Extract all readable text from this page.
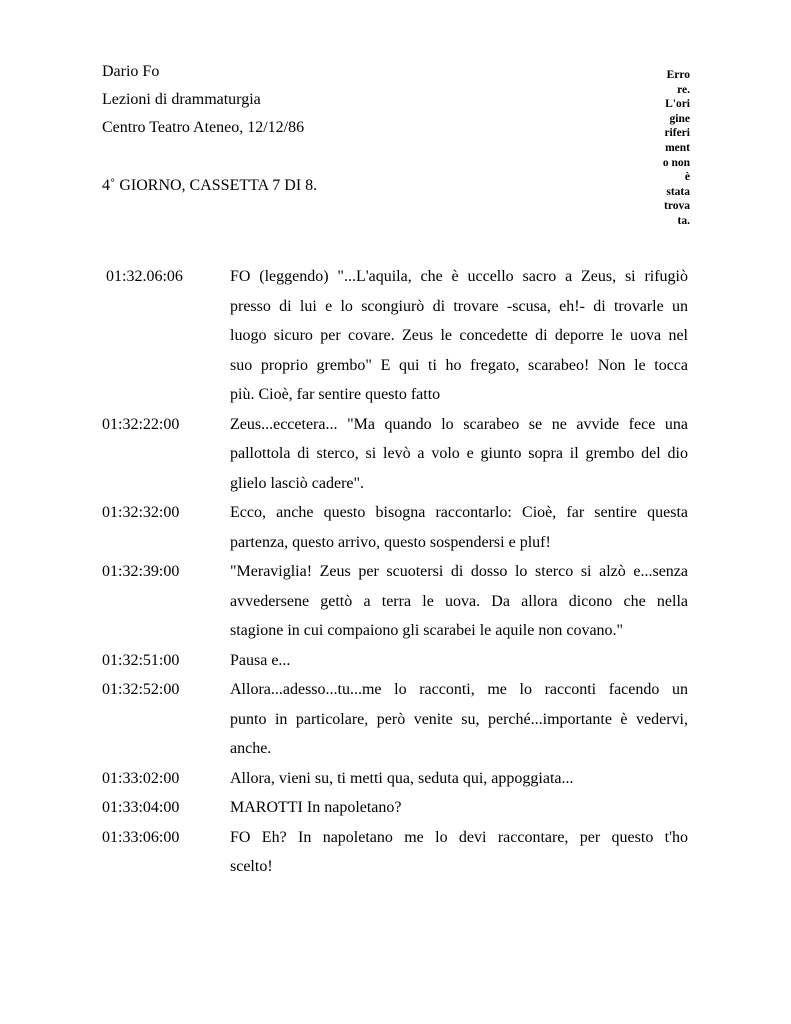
Dario Fo
Lezioni di drammaturgia
Centro Teatro Ateneo, 12/12/86
4˚ GIORNO, CASSETTA 7 DI 8.
Erro
re.
L'ori
gine
riferi
ment
o non
è
stata
trova
ta.
01:32.06:06	FO (leggendo) "...L'aquila, che è uccello sacro a Zeus, si rifugiò
presso di lui e lo scongiurò di trovare -scusa, eh!- di trovarle un
luogo sicuro per covare. Zeus le concedette di deporre le uova nel
suo proprio grembo" E qui ti ho fregato, scarabeo! Non le tocca
più. Cioè, far sentire questo fatto
01:32:22:00	Zeus...eccetera... "Ma quando lo scarabeo se ne avvide fece una
pallottola di sterco, si levò a volo e giunto sopra il grembo del dio
glielo lasciò cadere".
01:32:32:00	Ecco, anche questo bisogna raccontarlo: Cioè, far sentire questa
partenza, questo arrivo, questo sospendersi e pluf!
01:32:39:00	"Meraviglia! Zeus per scuotersi di dosso lo sterco si alzò e...senza
avvedersene gettò a terra le uova. Da allora dicono che nella
stagione in cui compaiono gli scarabei le aquile non covano."
01:32:51:00	Pausa e...
01:32:52:00	Allora...adesso...tu...me lo racconti, me lo racconti facendo un
punto in particolare, però venite su, perché...importante è vedervi,
anche.
01:33:02:00	Allora, vieni su, ti metti qua, seduta qui, appoggiata...
01:33:04:00	MAROTTI In napoletano?
01:33:06:00	FO Eh? In napoletano me lo devi raccontare, per questo t'ho
scelto!
